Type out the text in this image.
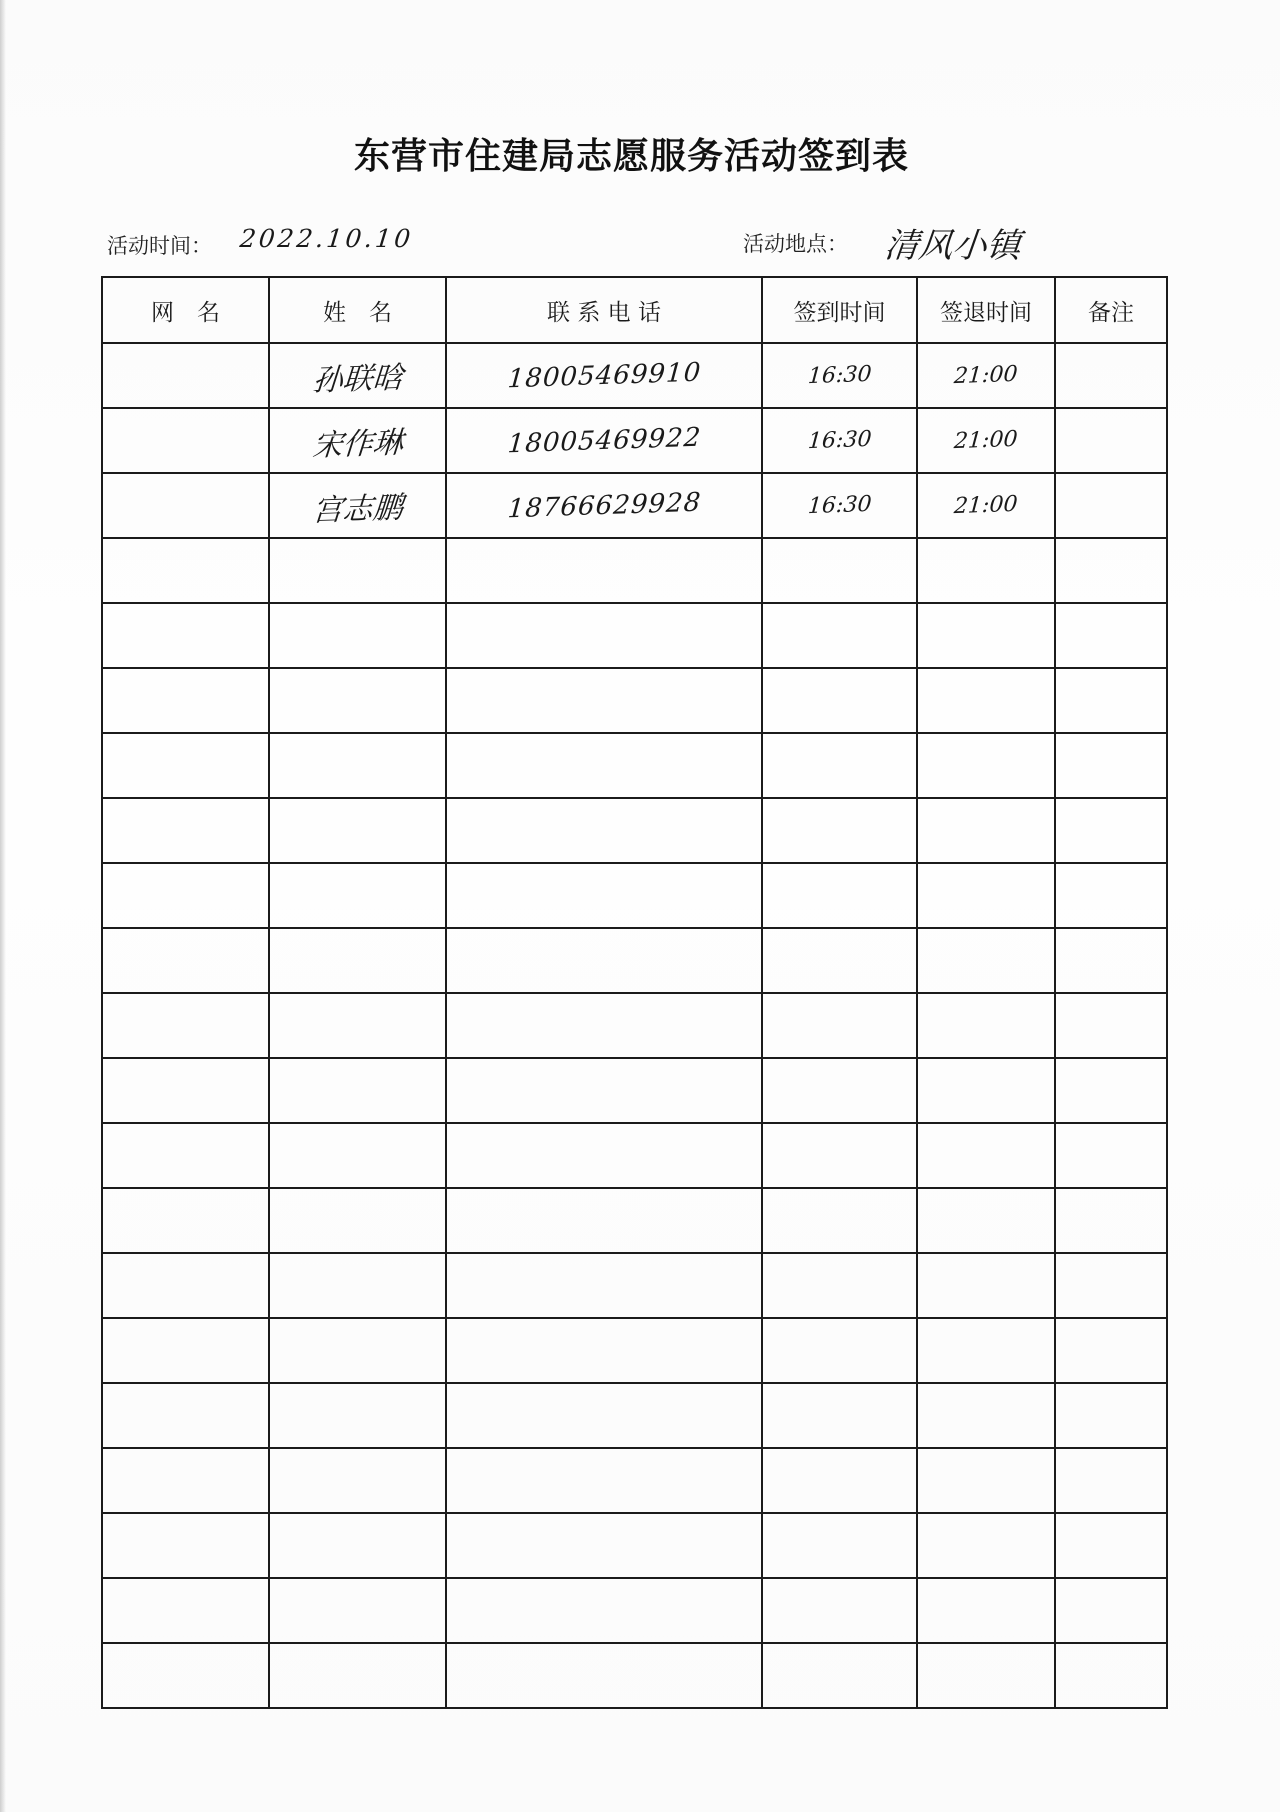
东营市住建局志愿服务活动签到表
活动时间： 2022.10.10	活动地点： 清风小镇
网　名	姓　名	联 系 电 话	签到时间	签退时间	备注
	孙联晗	18005469910	16:30	21:00	
	宋作琳	18005469922	16:30	21:00	
	宫志鹏	18766629928	16:30	21:00	
